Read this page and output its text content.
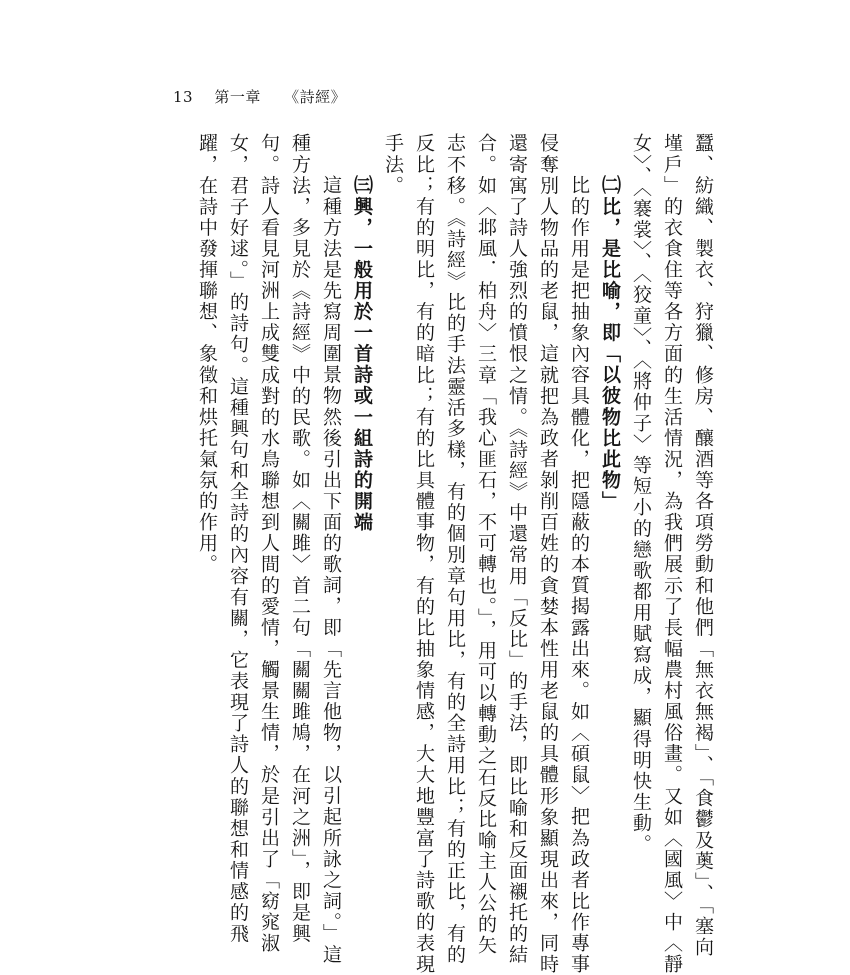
13 第一章 《詩經》
蠶、紡織、製衣、狩獵、修房、釀酒等各項勞動和他們「無衣無褐」、「食鬱及薁」、「塞向
墐戶」的衣食住等各方面的生活情況，為我們展示了長幅農村風俗畫。又如〈國風〉中〈靜
女〉、〈褰裳〉、〈狡童〉、〈將仲子〉等短小的戀歌都用賦寫成，顯得明快生動。
㈡比，是比喻，即「以彼物比此物」
比的作用是把抽象內容具體化，把隱蔽的本質揭露出來。如〈碩鼠〉把為政者比作專事
侵奪別人物品的老鼠，這就把為政者剝削百姓的貪婪本性用老鼠的具體形象顯現出來，同時
還寄寓了詩人強烈的憤恨之情。《詩經》中還常用「反比」的手法，即比喻和反面襯托的結
合。如〈邶風．柏舟〉三章「我心匪石，不可轉也。」，用可以轉動之石反比喻主人公的矢
志不移。《詩經》比的手法靈活多樣，有的個別章句用比，有的全詩用比；有的正比，有的
反比；有的明比，有的暗比；有的比具體事物，有的比抽象情感，大大地豐富了詩歌的表現
手法。
㈢興，一般用於一首詩或一組詩的開端
這種方法是先寫周圍景物然後引出下面的歌詞，即「先言他物，以引起所詠之詞。」這
種方法，多見於《詩經》中的民歌。如〈關雎〉首二句「關關雎鳩，在河之洲」，即是興
句。詩人看見河洲上成雙成對的水鳥聯想到人間的愛情，觸景生情，於是引出了「窈窕淑
女，君子好逑。」的詩句。這種興句和全詩的內容有關，它表現了詩人的聯想和情感的飛
躍，在詩中發揮聯想、象徵和烘托氣氛的作用。
